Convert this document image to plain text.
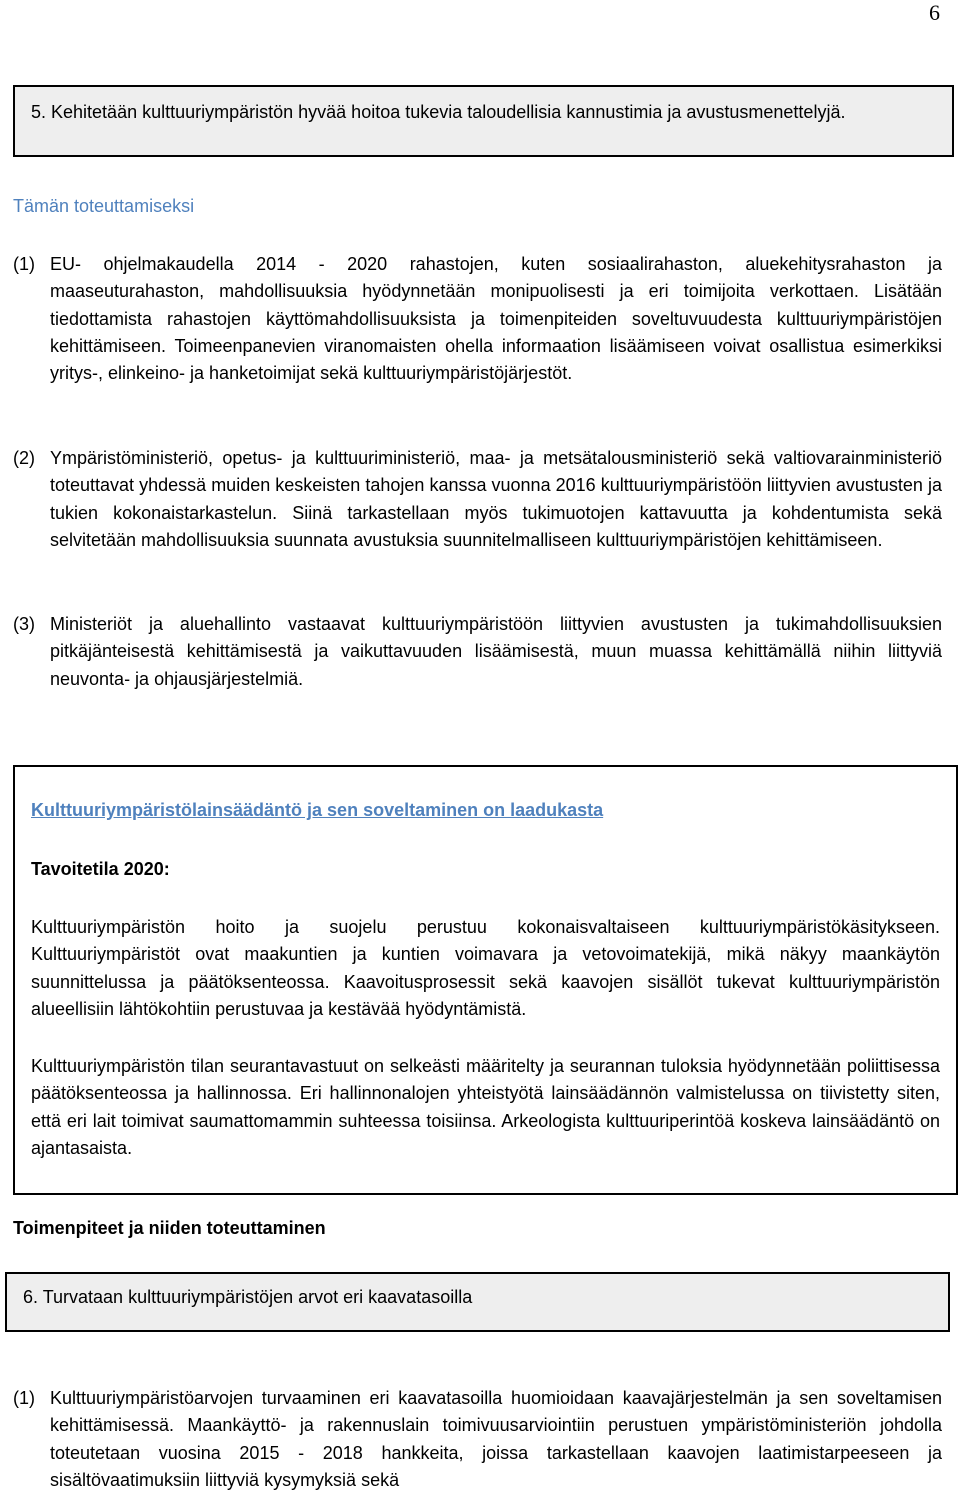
6
5. Kehitetään kulttuuriympäristön hyvää hoitoa tukevia taloudellisia kannustimia ja avustusmenettelyjä.
Tämän toteuttamiseksi
(1) EU- ohjelmakaudella 2014 - 2020 rahastojen, kuten sosiaalirahaston, aluekehitysrahaston ja maaseuturahaston, mahdollisuuksia hyödynnetään monipuolisesti ja eri toimijoita verkottaen. Lisätään tiedottamista rahastojen käyttömahdollisuuksista ja toimenpiteiden soveltuvuudesta kulttuuriympäristöjen kehittämiseen. Toimeenpanevien viranomaisten ohella informaation lisäämiseen voivat osallistua esimerkiksi yritys-, elinkeino- ja hanketoimijat sekä kulttuuriympäristöjärjestöt.
(2) Ympäristöministeriö, opetus- ja kulttuuriministeriö, maa- ja metsätalousministeriö sekä valtiovarainministeriö toteuttavat yhdessä muiden keskeisten tahojen kanssa vuonna 2016 kulttuuriympäristöön liittyvien avustusten ja tukien kokonaistarkastelun. Siinä tarkastellaan myös tukimuotojen kattavuutta ja kohdentumista sekä selvitetään mahdollisuuksia suunnata avustuksia suunnitelmalliseen kulttuuriympäristöjen kehittämiseen.
(3) Ministeriöt ja aluehallinto vastaavat kulttuuriympäristöön liittyvien avustusten ja tukimahdollisuuksien pitkäjänteisestä kehittämisestä ja vaikuttavuuden lisäämisestä, muun muassa kehittämällä niihin liittyviä neuvonta- ja ohjausjärjestelmiä.

Kulttuuriympäristölainsäädäntö ja sen soveltaminen on laadukasta

Tavoitetila 2020:

Kulttuuriympäristön hoito ja suojelu perustuu kokonaisvaltaiseen kulttuuriympäristökäsitykseen. Kulttuuriympäristöt ovat maakuntien ja kuntien voimavara ja vetovoimatekijä, mikä näkyy maankäytön suunnittelussa ja päätöksenteossa. Kaavoitusprosessit sekä kaavojen sisällöt tukevat kulttuuriympäristön alueellisiin lähtökohtiin perustuvaa ja kestävää hyödyntämistä.

Kulttuuriympäristön tilan seurantavastuut on selkeästi määritelty ja seurannan tuloksia hyödynnetään poliittisessa päätöksenteossa ja hallinnossa. Eri hallinnonalojen yhteistyötä lainsäädännön valmistelussa on tiivistetty siten, että eri lait toimivat saumattomammin suhteessa toisiinsa. Arkeologista kulttuuriperintöä koskeva lainsäädäntö on ajantasaista.

Toimenpiteet ja niiden toteuttaminen
6. Turvataan kulttuuriympäristöjen arvot eri kaavatasoilla
(1) Kulttuuriympäristöarvojen turvaaminen eri kaavatasoilla huomioidaan kaavajärjestelmän ja sen soveltamisen kehittämisessä. Maankäyttö- ja rakennuslain toimivuusarviointiin perustuen ympäristöministeriön johdolla toteutetaan vuosina 2015 - 2018 hankkeita, joissa tarkastellaan kaavojen laatimistarpeeseen ja sisältövaatimuksiin liittyviä kysymyksiä sekä
